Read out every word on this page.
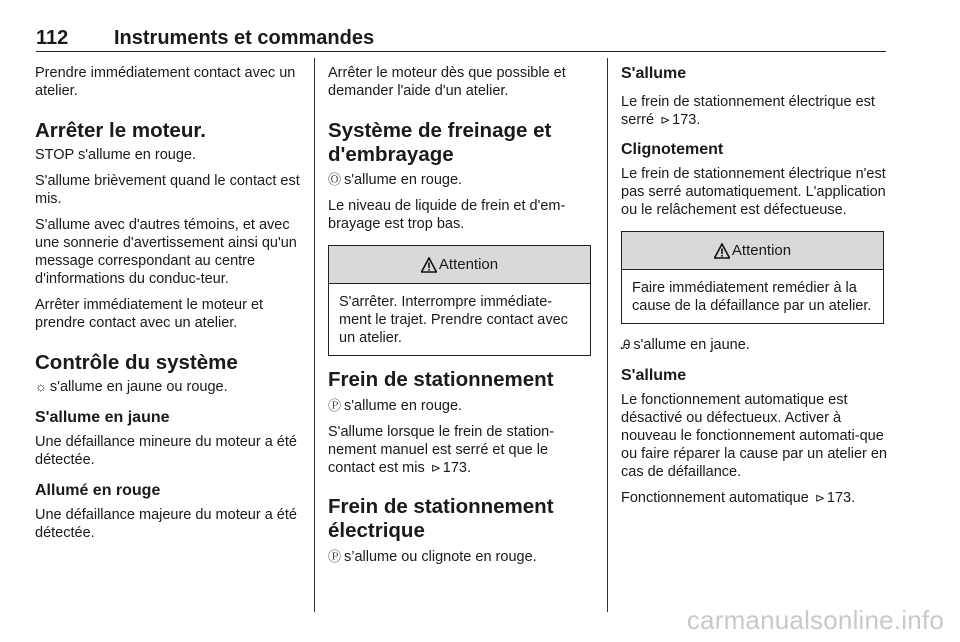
112 Instruments et commandes

Prendre immédiatement contact avec un atelier.

Arrêter le moteur.

STOP s'allume en rouge.

S'allume brièvement quand le contact est mis.

S'allume avec d'autres témoins, et avec une sonnerie d'avertissement ainsi qu'un message correspondant au centre d'informations du conduc-teur.

Arrêter immédiatement le moteur et prendre contact avec un atelier.

Contrôle du système

☼ s'allume en jaune ou rouge.

S'allume en jaune

Une défaillance mineure du moteur a été détectée.

Allumé en rouge

Une défaillance majeure du moteur a été détectée.

Arrêter le moteur dès que possible et demander l'aide d'un atelier.

Système de freinage et d'embrayage

Ⓞ s'allume en rouge.

Le niveau de liquide de frein et d'em-brayage est trop bas.

Attention

S'arrêter. Interrompre immédiate-ment le trajet. Prendre contact avec un atelier.

Frein de stationnement

Ⓟ s'allume en rouge.

S'allume lorsque le frein de station-nement manuel est serré et que le contact est mis ⊳ 173.

Frein de stationnement électrique

Ⓟ s’allume ou clignote en rouge.

S'allume

Le frein de stationnement électrique est serré ⊳ 173.

Clignotement

Le frein de stationnement électrique n'est pas serré automatiquement. L'application ou le relâchement est défectueuse.

Attention

Faire immédiatement remédier à la cause de la défaillance par un atelier.

Ꭿ s'allume en jaune.

S'allume

Le fonctionnement automatique est désactivé ou défectueux. Activer à nouveau le fonctionnement automati-que ou faire réparer la cause par un atelier en cas de défaillance.

Fonctionnement automatique ⊳ 173.

carmanualsonline.info
